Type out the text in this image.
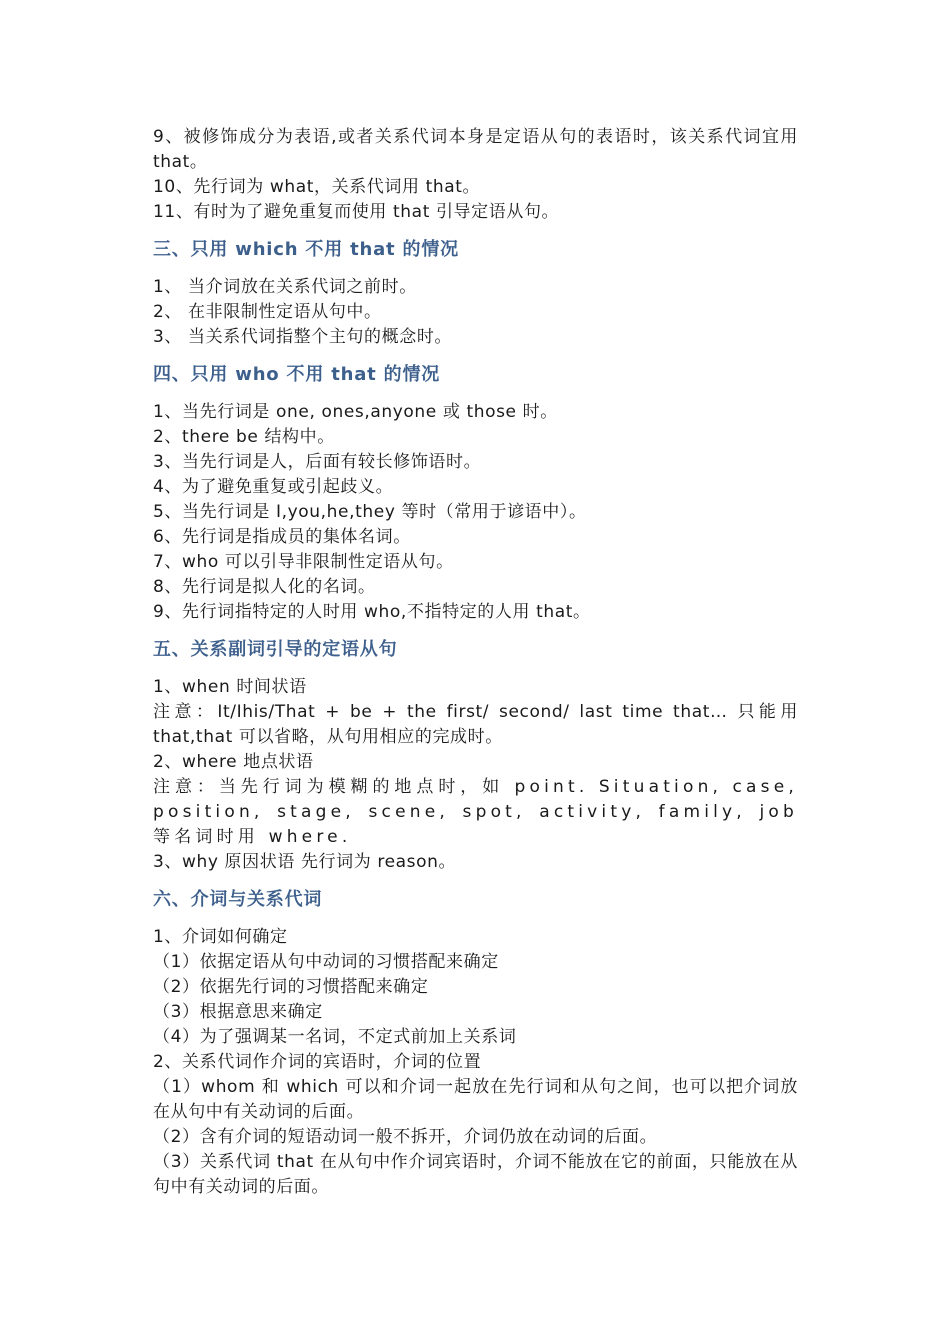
9、被修饰成分为表语,或者关系代词本身是定语从句的表语时，该关系代词宜用 that。
10、先行词为 what，关系代词用 that。
11、有时为了避免重复而使用 that 引导定语从句。
三、只用 which 不用 that 的情况
1、 当介词放在关系代词之前时。
2、 在非限制性定语从句中。
3、 当关系代词指整个主句的概念时。
四、只用 who 不用 that 的情况
1、当先行词是 one, ones,anyone 或 those 时。
2、there be 结构中。
3、当先行词是人，后面有较长修饰语时。
4、为了避免重复或引起歧义。
5、当先行词是 I,you,he,they 等时（常用于谚语中）。
6、先行词是指成员的集体名词。
7、who 可以引导非限制性定语从句。
8、先行词是拟人化的名词。
9、先行词指特定的人时用 who,不指特定的人用 that。
五、关系副词引导的定语从句
1、when 时间状语
注意：It/Ihis/That + be + the first/ second/ last time that… 只能用 that,that 可以省略，从句用相应的完成时。
2、where 地点状语
注意：当先行词为模糊的地点时，如 point. Situation, case, position, stage, scene, spot, activity, family, job 等名词时用 where.
3、why 原因状语 先行词为 reason。
六、介词与关系代词
1、介词如何确定
（1）依据定语从句中动词的习惯搭配来确定
（2）依据先行词的习惯搭配来确定
（3）根据意思来确定
（4）为了强调某一名词，不定式前加上关系词
2、关系代词作介词的宾语时，介词的位置
（1）whom 和 which 可以和介词一起放在先行词和从句之间，也可以把介词放在从句中有关动词的后面。
（2）含有介词的短语动词一般不拆开，介词仍放在动词的后面。
（3）关系代词 that 在从句中作介词宾语时，介词不能放在它的前面，只能放在从句中有关动词的后面。
